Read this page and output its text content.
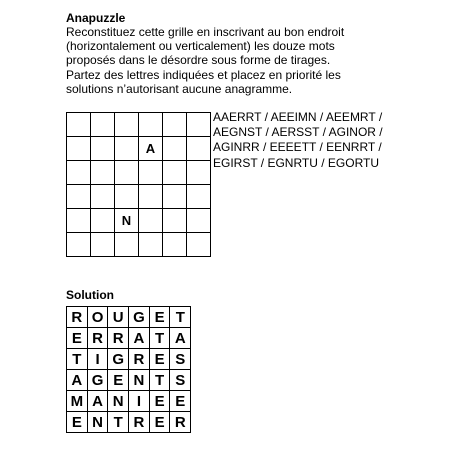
Anapuzzle
Reconstituez cette grille en inscrivant au bon endroit
(horizontalement ou verticalement) les douze mots
proposés dans le désordre sous forme de tirages.
Partez des lettres indiquées et placez en priorité les
solutions n’autorisant aucune anagramme.
A
N
AAERRT / AEEIMN / AEEMRT /
AEGNST / AERSST / AGINOR /
AGINRR / EEEETT / EENRRT /
EGIRST / EGNRTU / EGORTU
Solution
R O U G E T
E R R A T A
T I G R E S
A G E N T S
M A N I E E
E N T R E R
